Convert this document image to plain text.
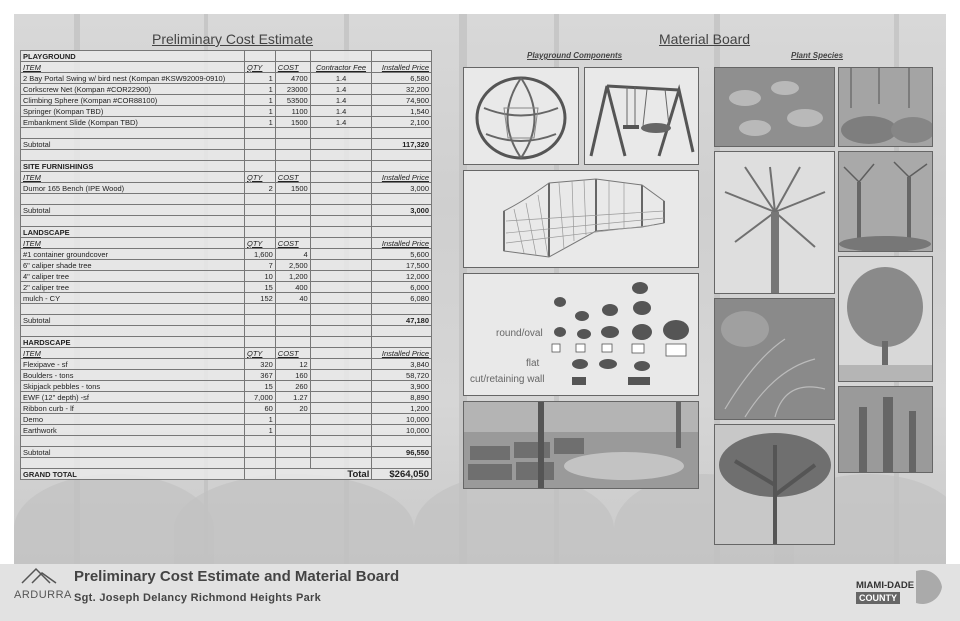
Preliminary Cost Estimate
PLAYGROUND				
ITEM	QTY	COST	Contractor Fee	Installed Price
2 Bay Portal Swing w/ bird nest (Kompan #KSW92009-0910)	1	4700	1.4	6,580
Corkscrew Net (Kompan #COR22900)	1	23000	1.4	32,200
Climbing Sphere (Kompan #COR88100)	1	53500	1.4	74,900
Springer (Kompan TBD)	1	1100	1.4	1,540
Embankment Slide (Kompan TBD)	1	1500	1.4	2,100

Subtotal				117,320

SITE FURNISHINGS				
ITEM	QTY	COST		Installed Price
Dumor 165 Bench (IPE Wood)	2	1500		3,000

Subtotal				3,000

LANDSCAPE				
ITEM	QTY	COST		Installed Price
#1 container groundcover	1,600	4		5,600
6" caliper shade tree	7	2,500		17,500
4" caliper tree	10	1,200		12,000
2" caliper tree	15	400		6,000
mulch - CY	152	40		6,080

Subtotal				47,180

HARDSCAPE				
ITEM	QTY	COST		Installed Price
Flexipave - sf	320	12		3,840
Boulders - tons	367	160		58,720
Skipjack pebbles - tons	15	260		3,900
EWF (12" depth) -sf	7,000	1.27		8,890
Ribbon curb - lf	60	20		1,200
Demo	1			10,000
Earthwork	1			10,000

Subtotal				96,550

GRAND TOTAL		Total		$264,050
Material Board
Playground Components	Plant Species
round/oval
flat
cut/retaining wall
ARDURRA
Preliminary Cost Estimate and Material Board
Sgt. Joseph Delancy Richmond Heights Park
MIAMI-DADE
COUNTY
